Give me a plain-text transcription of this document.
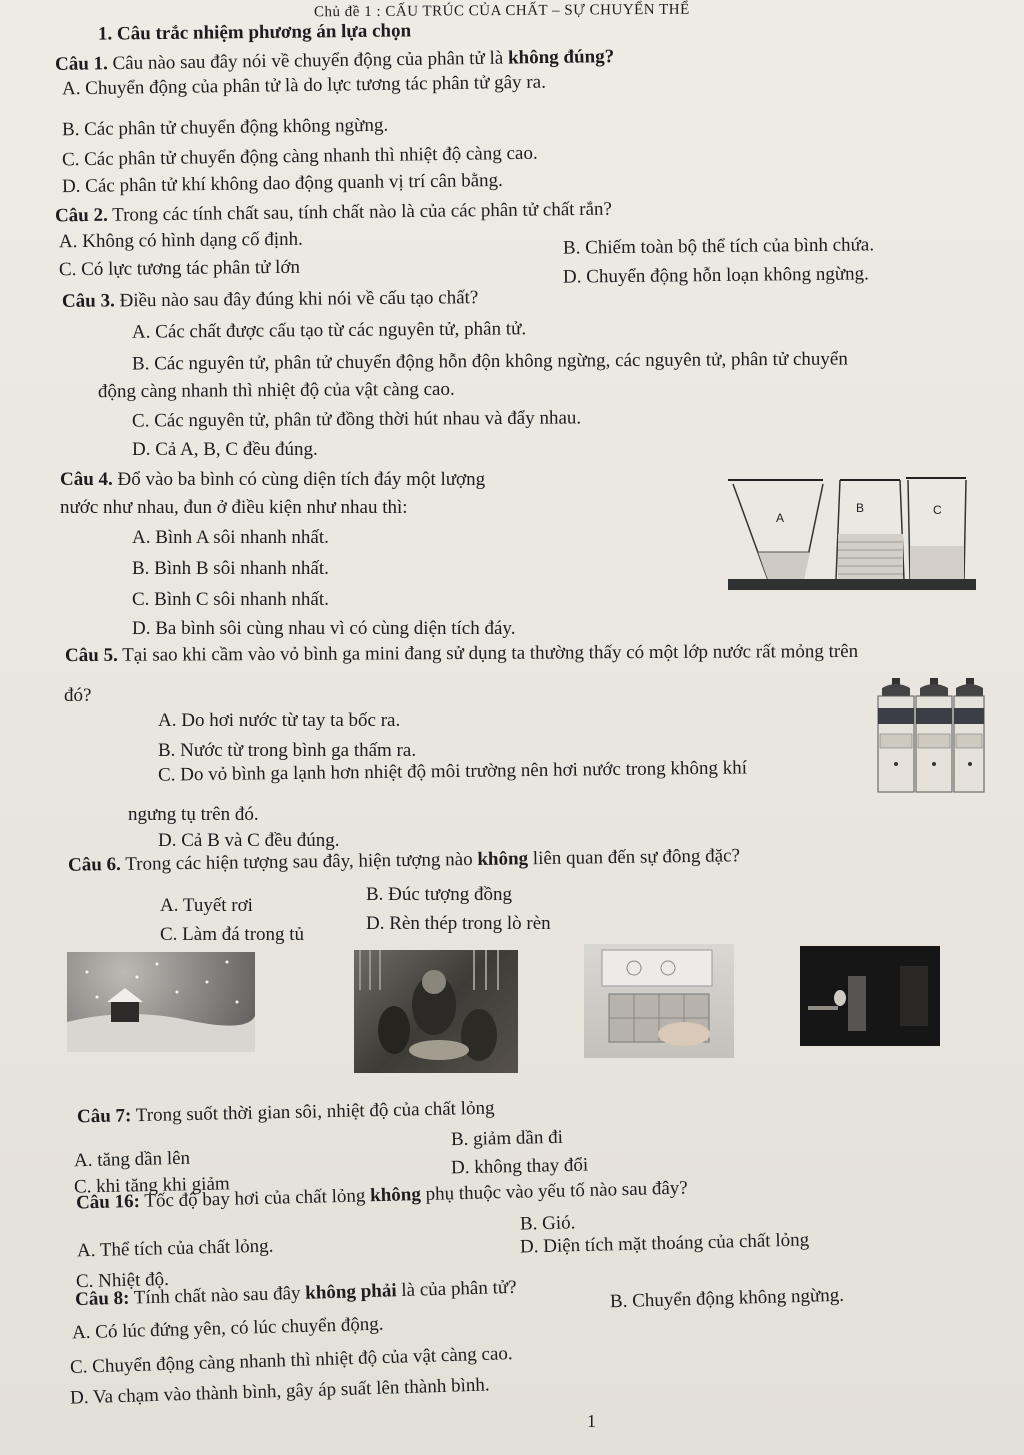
Chủ đề 1 : CẤU TRÚC CỦA CHẤT – SỰ CHUYỂN THỂ
1. Câu trắc nhiệm phương án lựa chọn
Câu 1. Câu nào sau đây nói về chuyển động của phân tử là không đúng?
A. Chuyển động của phân tử là do lực tương tác phân tử gây ra.
B. Các phân tử chuyển động không ngừng.
C. Các phân tử chuyển động càng nhanh thì nhiệt độ càng cao.
D. Các phân tử khí không dao động quanh vị trí cân bằng.
Câu 2. Trong các tính chất sau, tính chất nào là của các phân tử chất rắn?
A. Không có hình dạng cố định.	B. Chiếm toàn bộ thể tích của bình chứa.
C. Có lực tương tác phân tử lớn	D. Chuyển động hỗn loạn không ngừng.
Câu 3. Điều nào sau đây đúng khi nói về cấu tạo chất?
A. Các chất được cấu tạo từ các nguyên tử, phân tử.
B. Các nguyên tử, phân tử chuyển động hỗn độn không ngừng, các nguyên tử, phân tử chuyển
động càng nhanh thì nhiệt độ của vật càng cao.
C. Các nguyên tử, phân tử đồng thời hút nhau và đẩy nhau.
D. Cả A, B, C đều đúng.
Câu 4. Đổ vào ba bình có cùng diện tích đáy một lượng
nước như nhau, đun ở điều kiện như nhau thì:
A. Bình A sôi nhanh nhất.
B. Bình B sôi nhanh nhất.
C. Bình C sôi nhanh nhất.
D. Ba bình sôi cùng nhau vì có cùng diện tích đáy.
A
B	C
Câu 5. Tại sao khi cầm vào vỏ bình ga mini đang sử dụng ta thường thấy có một lớp nước rất mỏng trên
đó?
A. Do hơi nước từ tay ta bốc ra.
B. Nước từ trong bình ga thấm ra.
C. Do vỏ bình ga lạnh hơn nhiệt độ môi trường nên hơi nước trong không khí
ngưng tụ trên đó.
D. Cả B và C đều đúng.
Câu 6. Trong các hiện tượng sau đây, hiện tượng nào không liên quan đến sự đông đặc?
A. Tuyết rơi
B. Đúc tượng đồng
C. Làm đá trong tủ
D. Rèn thép trong lò rèn
Câu 7: Trong suốt thời gian sôi, nhiệt độ của chất lỏng
A. tăng dần lên
B. giảm dần đi
C. khi tăng khi giảm
D. không thay đổi
Câu 16: Tốc độ bay hơi của chất lỏng không phụ thuộc vào yếu tố nào sau đây?
A. Thể tích của chất lỏng.
B. Gió.
C. Nhiệt độ.
D. Diện tích mặt thoáng của chất lỏng
Câu 8: Tính chất nào sau đây không phải là của phân tử?
A. Có lúc đứng yên, có lúc chuyển động.
B. Chuyển động không ngừng.
C. Chuyển động càng nhanh thì nhiệt độ của vật càng cao.
D. Va chạm vào thành bình, gây áp suất lên thành bình.
1
